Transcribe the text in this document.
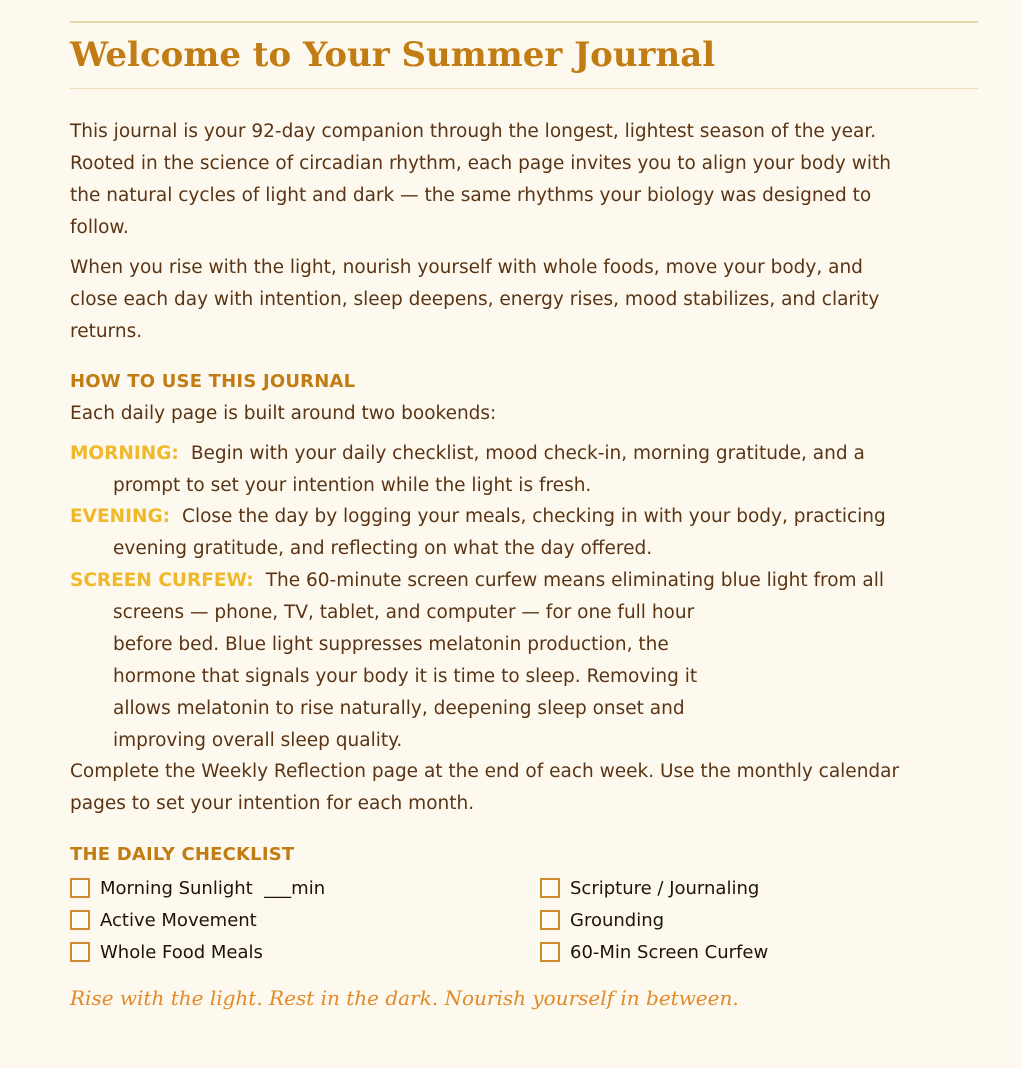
Welcome to Your Summer Journal

This journal is your 92-day companion through the longest, lightest season of the year.
Rooted in the science of circadian rhythm, each page invites you to align your body with
the natural cycles of light and dark — the same rhythms your biology was designed to
follow.

When you rise with the light, nourish yourself with whole foods, move your body, and
close each day with intention, sleep deepens, energy rises, mood stabilizes, and clarity
returns.

HOW TO USE THIS JOURNAL

Each daily page is built around two bookends:

MORNING: Begin with your daily checklist, mood check-in, morning gratitude, and a
prompt to set your intention while the light is fresh.

EVENING: Close the day by logging your meals, checking in with your body, practicing
evening gratitude, and reflecting on what the day offered.

SCREEN CURFEW: The 60-minute screen curfew means eliminating blue light from all
screens — phone, TV, tablet, and computer — for one full hour
before bed. Blue light suppresses melatonin production, the
hormone that signals your body it is time to sleep. Removing it
allows melatonin to rise naturally, deepening sleep onset and
improving overall sleep quality.

Complete the Weekly Reflection page at the end of each week. Use the monthly calendar
pages to set your intention for each month.

THE DAILY CHECKLIST
Morning Sunlight  ___min
Active Movement
Whole Food Meals
Scripture / Journaling
Grounding
60-Min Screen Curfew

Rise with the light. Rest in the dark. Nourish yourself in between.
